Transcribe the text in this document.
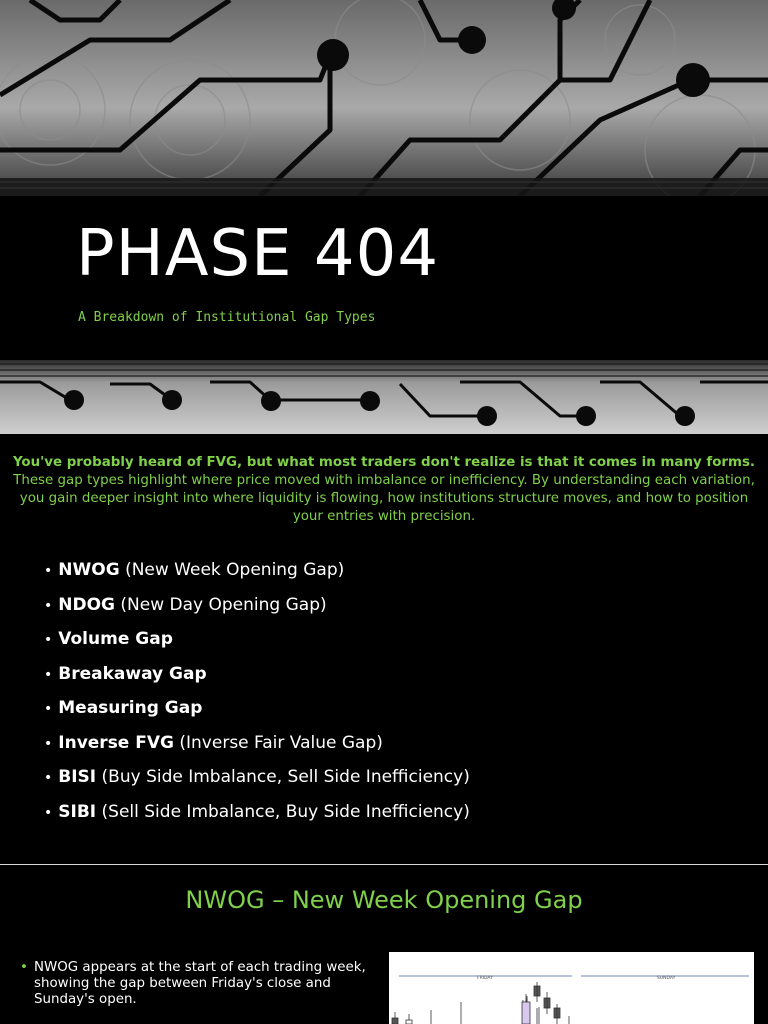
PHASE 404

A Breakdown of Institutional Gap Types

You've probably heard of FVG, but what most traders don't realize is that it comes in many forms.
These gap types highlight where price moved with imbalance or inefficiency. By understanding each variation, you gain deeper insight into where liquidity is flowing, how institutions structure moves, and how to position your entries with precision.

• NWOG (New Week Opening Gap)
• NDOG (New Day Opening Gap)
• Volume Gap
• Breakaway Gap
• Measuring Gap
• Inverse FVG (Inverse Fair Value Gap)
• BISI (Buy Side Imbalance, Sell Side Inefficiency)
• SIBI (Sell Side Imbalance, Buy Side Inefficiency)
NWOG – New Week Opening Gap

• NWOG appears at the start of each trading week, showing the gap between Friday's close and Sunday's open.

FRIDAY	SUNDAY
